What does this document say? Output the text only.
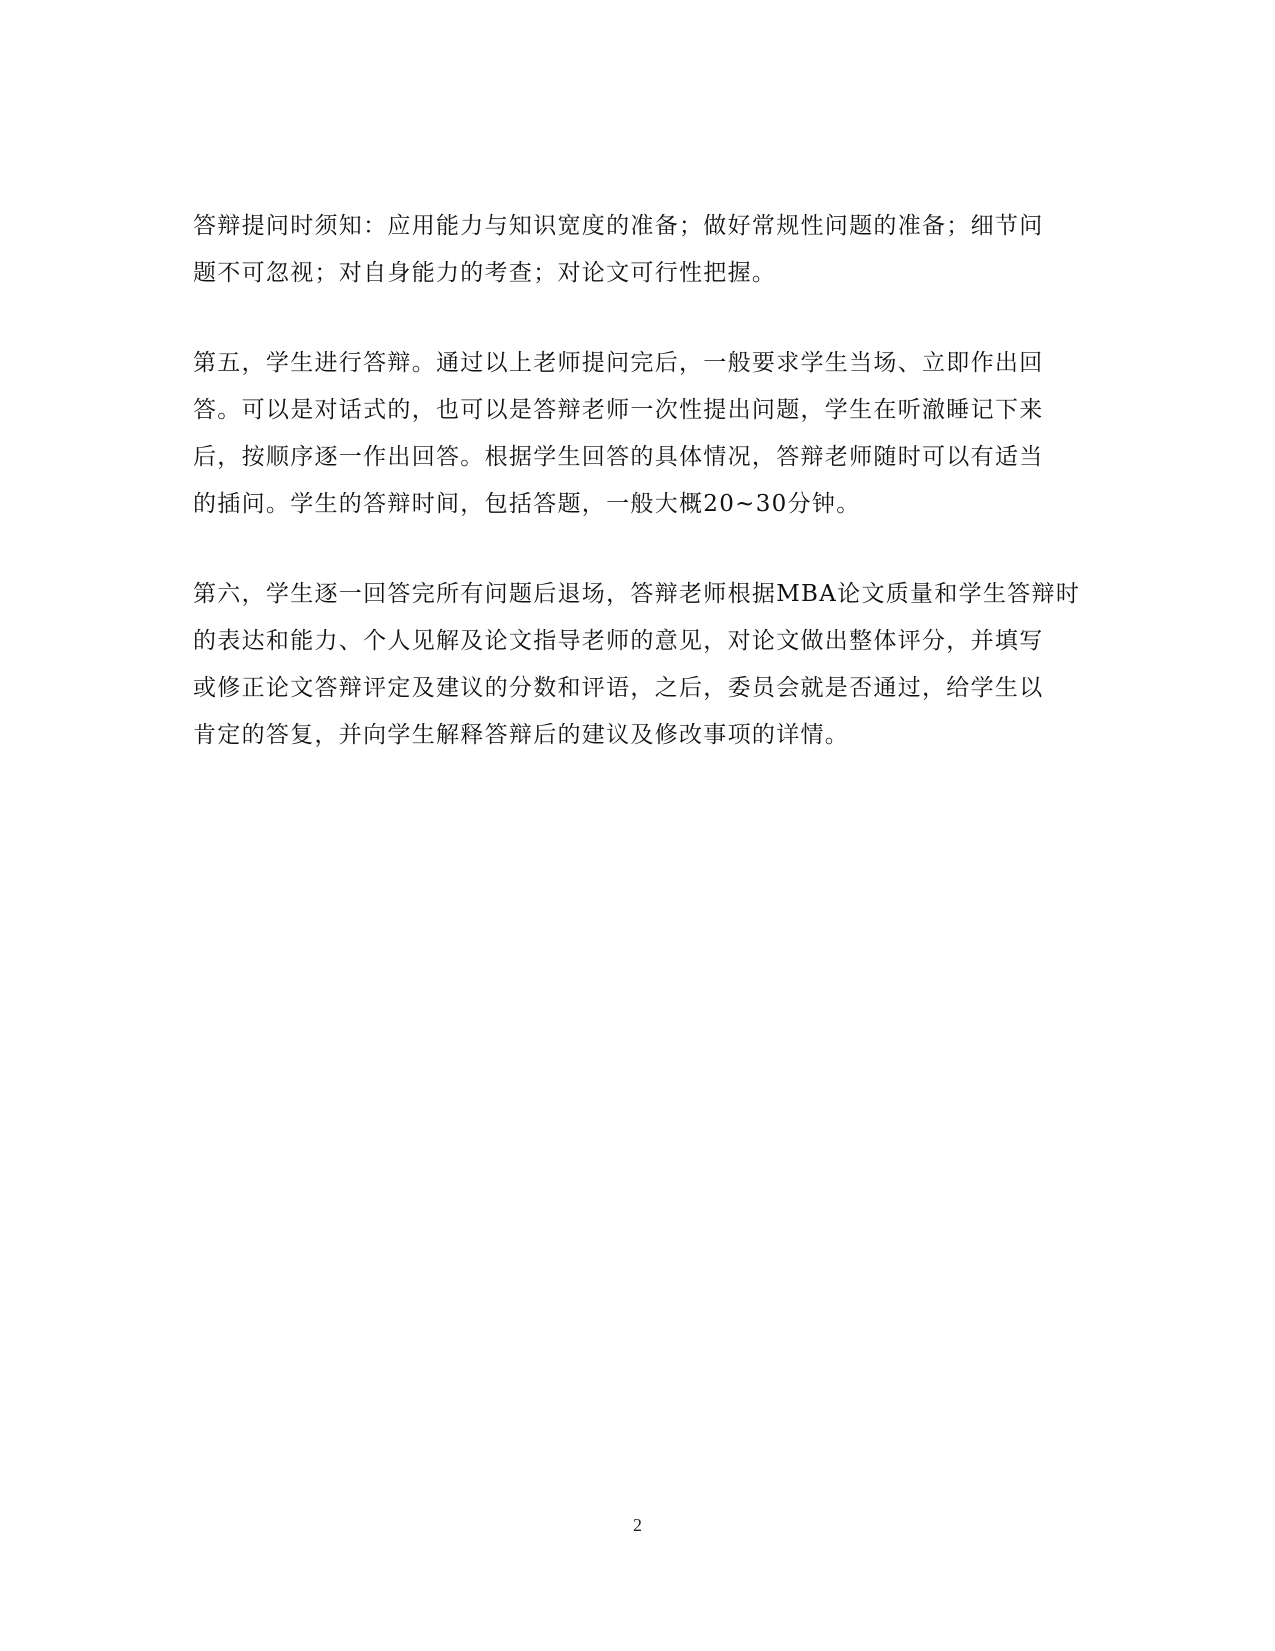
答辩提问时须知：应用能力与知识宽度的准备；做好常规性问题的准备；细节问
题不可忽视；对自身能力的考查；对论文可行性把握。

第五，学生进行答辩。通过以上老师提问完后，一般要求学生当场、立即作出回
答。可以是对话式的，也可以是答辩老师一次性提出问题，学生在听澈睡记下来
后，按顺序逐一作出回答。根据学生回答的具体情况，答辩老师随时可以有适当
的插问。学生的答辩时间，包括答题，一般大概20~30分钟。

第六，学生逐一回答完所有问题后退场，答辩老师根据MBA论文质量和学生答辩时
的表达和能力、个人见解及论文指导老师的意见，对论文做出整体评分，并填写
或修正论文答辩评定及建议的分数和评语，之后，委员会就是否通过，给学生以
肯定的答复，并向学生解释答辩后的建议及修改事项的详情。

2
